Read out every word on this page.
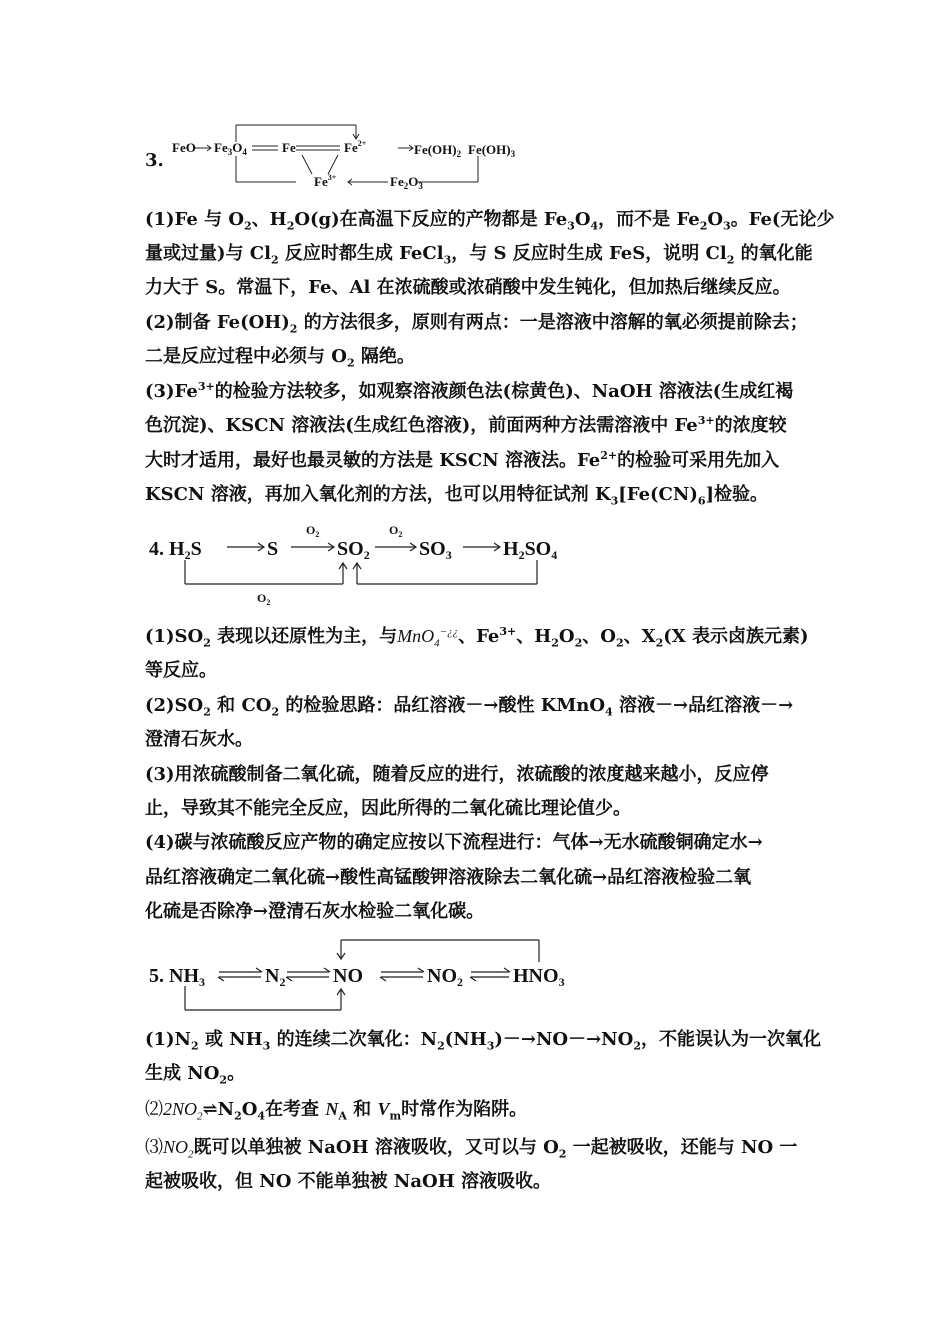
3.
FeO $Fe_3O_4$	Fe	$Fe^{2+}$	$Fe(OH)_2$ $Fe(OH)_3$
$Fe^{3+}$	$Fe_2O_3$
(1)Fe 与 $O_2$、$H_2O(g)$在高温下反应的产物都是 $Fe_3O_4$，而不是 $Fe_2O_3$。Fe(无论少
量或过量)与 $Cl_2$ 反应时都生成 FeCl$_3$，与 S 反应时生成 FeS，说明 $Cl_2$ 的氧化能
力大于 S。常温下，Fe、Al 在浓硫酸或浓硝酸中发生钝化，但加热后继续反应。
(2)制备 $Fe(OH)_2$ 的方法很多，原则有两点：一是溶液中溶解的氧必须提前除去；
二是反应过程中必须与 $O_2$ 隔绝。
$(3)Fe^{3+}$的检验方法较多，如观察溶液颜色法(棕黄色)、NaOH 溶液法(生成红褐
色沉淀)、KSCN 溶液法(生成红色溶液)，前面两种方法需溶液中 $Fe^{3+}$的浓度较
大时才适用，最好也最灵敏的方法是 KSCN 溶液法。$Fe^{2+}$的检验可采用先加入
KSCN 溶液，再加入氧化剂的方法，也可以用特征试剂 $K_3[Fe(CN)_6]$检验。
4. $H_2S$	S	$SO_2$ $SO_3$	$H_2SO_4$
$O_2$	$O_2$
$O_2$
$(1)SO_2$ 表现以还原性为主，与MnO$_4$−¿¿、$Fe^{3+}$、$H_2O_2$、$O_2$、$X_2(X$ 表示卤族元素)
等反应。
$(2)SO_2$ 和 $CO_2$ 的检验思路：品红溶液－→酸性 KMnO$_4$ 溶液－→品红溶液－→
澄清石灰水。
(3)用浓硫酸制备二氧化硫，随着反应的进行，浓硫酸的浓度越来越小，反应停
止，导致其不能完全反应，因此所得的二氧化硫比理论值少。
(4)碳与浓硫酸反应产物的确定应按以下流程进行：气体→无水硫酸铜确定水→
品红溶液确定二氧化硫→酸性高锰酸钾溶液除去二氧化硫→品红溶液检验二氧
化硫是否除净→澄清石灰水检验二氧化碳。
5. $NH_3$	$N_2$ NO	$NO_2$	$HNO_3$
$(1)N_2$ 或 $NH_3$ 的连续二次氧化：$N_2(NH_3)-\to NO-\to NO_2$，不能误认为一次氧化
生成 $NO_2$。
$⑵2NO_2\rightleftharpoons N_2O_4$在考查 $N_A$ 和 $V_m$时常作为陷阱。
$⑶NO_2$既可以单独被 NaOH 溶液吸收，又可以与 $O_2$ 一起被吸收，还能与 NO 一
起被吸收，但 NO 不能单独被 NaOH 溶液吸收。
